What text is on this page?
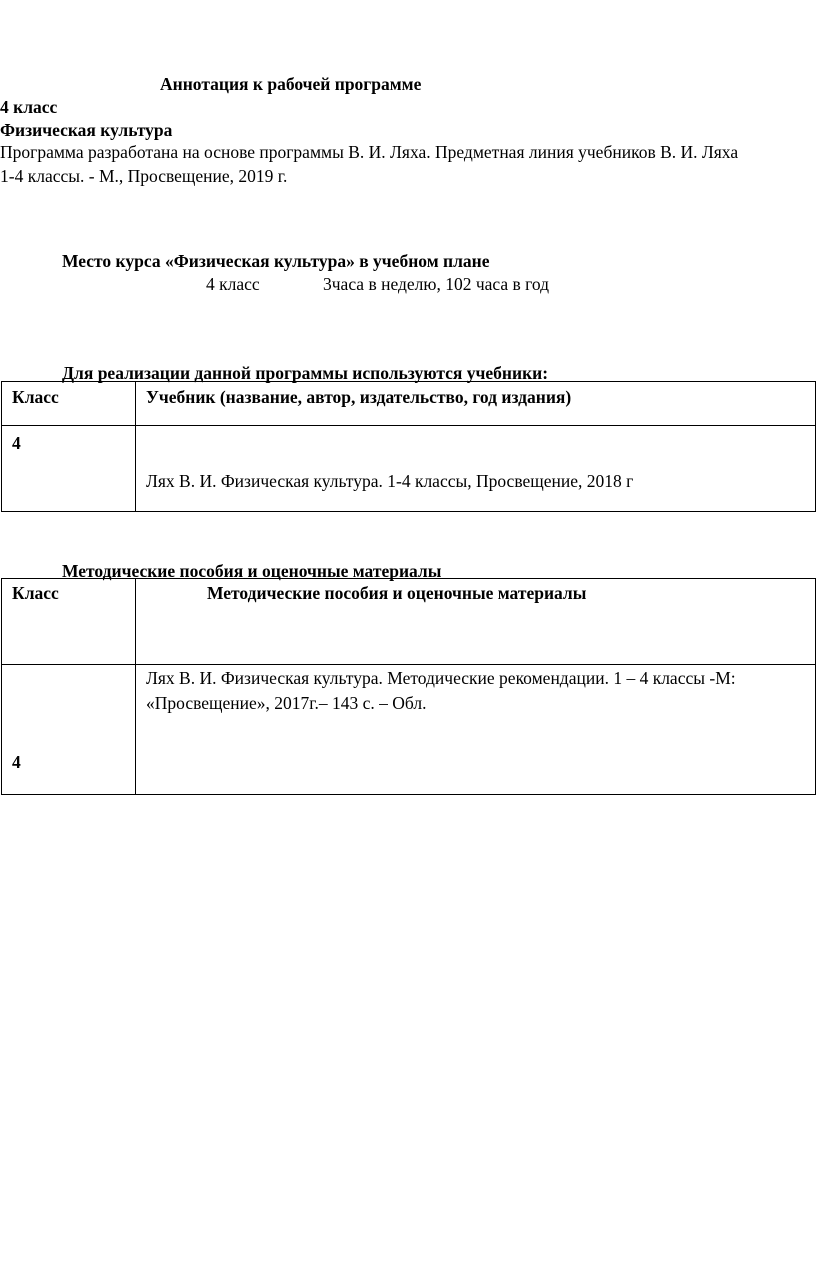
Аннотация к рабочей программе

4 класс

Физическая культура

Программа разработана на основе программы В. И. Ляха. Предметная линия учебников В. И. Ляха
1-4 классы. - М., Просвещение, 2019 г.

Место курса «Физическая культура» в учебном плане

4 класс	3часа в неделю, 102 часа в год

Для реализации данной программы используются учебники:

Класс	Учебник (название, автор, издательство, год издания)

4	Лях В. И. Физическая культура. 1-4 классы, Просвещение, 2018 г

Методические пособия и оценочные материалы

Класс	Методические пособия и оценочные материалы

4	Лях В. И. Физическая культура. Методические рекомендации. 1 – 4 классы -М:
«Просвещение», 2017г.– 143 с. – Обл.
